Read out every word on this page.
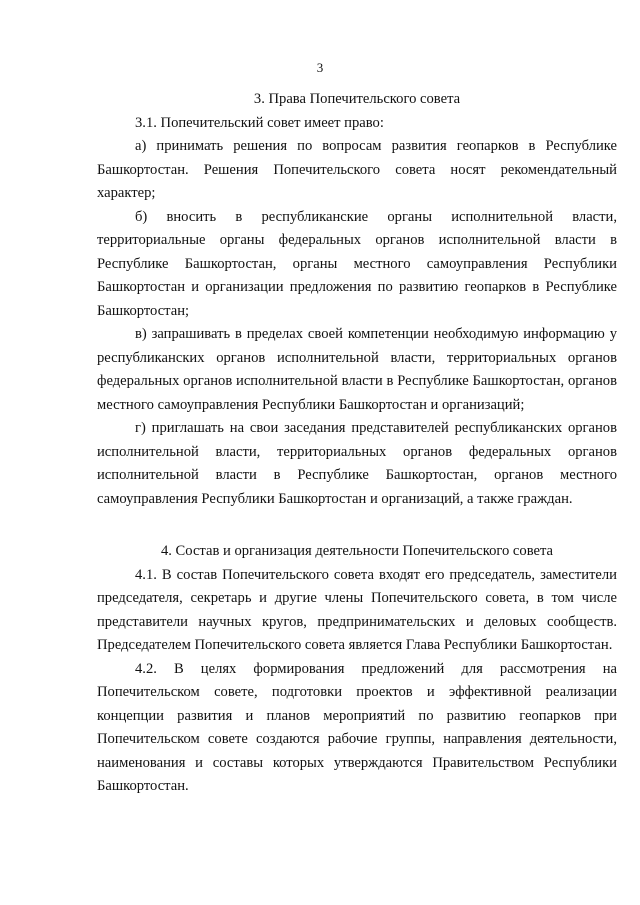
3

3. Права Попечительского совета

3.1. Попечительский совет имеет право:

а) принимать решения по вопросам развития геопарков в Республике Башкортостан. Решения Попечительского совета носят рекомендательный характер;

б) вносить в республиканские органы исполнительной власти, территориальные органы федеральных органов исполнительной власти в Республике Башкортостан, органы местного самоуправления Республики Башкортостан и организации предложения по развитию геопарков в Республике Башкортостан;

в) запрашивать в пределах своей компетенции необходимую информацию у республиканских органов исполнительной власти, территориальных органов федеральных органов исполнительной власти в Республике Башкортостан, органов местного самоуправления Республики Башкортостан и организаций;

г) приглашать на свои заседания представителей республиканских органов исполнительной власти, территориальных органов федеральных органов исполнительной власти в Республике Башкортостан, органов местного самоуправления Республики Башкортостан и организаций, а также граждан.

4. Состав и организация деятельности Попечительского совета

4.1. В состав Попечительского совета входят его председатель, заместители председателя, секретарь и другие члены Попечительского совета, в том числе представители научных кругов, предпринимательских и деловых сообществ. Председателем Попечительского совета является Глава Республики Башкортостан.

4.2. В целях формирования предложений для рассмотрения на Попечительском совете, подготовки проектов и эффективной реализации концепции развития и планов мероприятий по развитию геопарков при Попечительском совете создаются рабочие группы, направления деятельности, наименования и составы которых утверждаются Правительством Республики Башкортостан.
